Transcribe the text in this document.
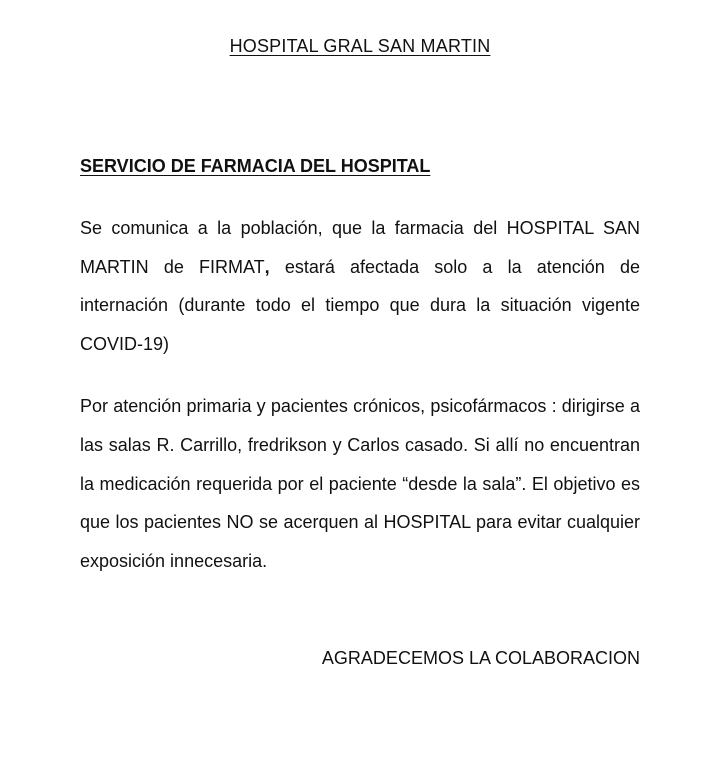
HOSPITAL GRAL SAN MARTIN
SERVICIO DE FARMACIA DEL HOSPITAL

Se comunica a la población, que la farmacia del HOSPITAL SAN MARTIN de FIRMAT, estará afectada solo a la atención de internación (durante todo el tiempo que dura la situación vigente COVID-19)

Por atención primaria y pacientes crónicos, psicofármacos : dirigirse a las salas R. Carrillo, fredrikson y Carlos casado. Si allí no encuentran la medicación requerida por el paciente “desde la sala”. El objetivo es que los pacientes NO se acerquen al HOSPITAL para evitar cualquier exposición innecesaria.

AGRADECEMOS LA COLABORACION
